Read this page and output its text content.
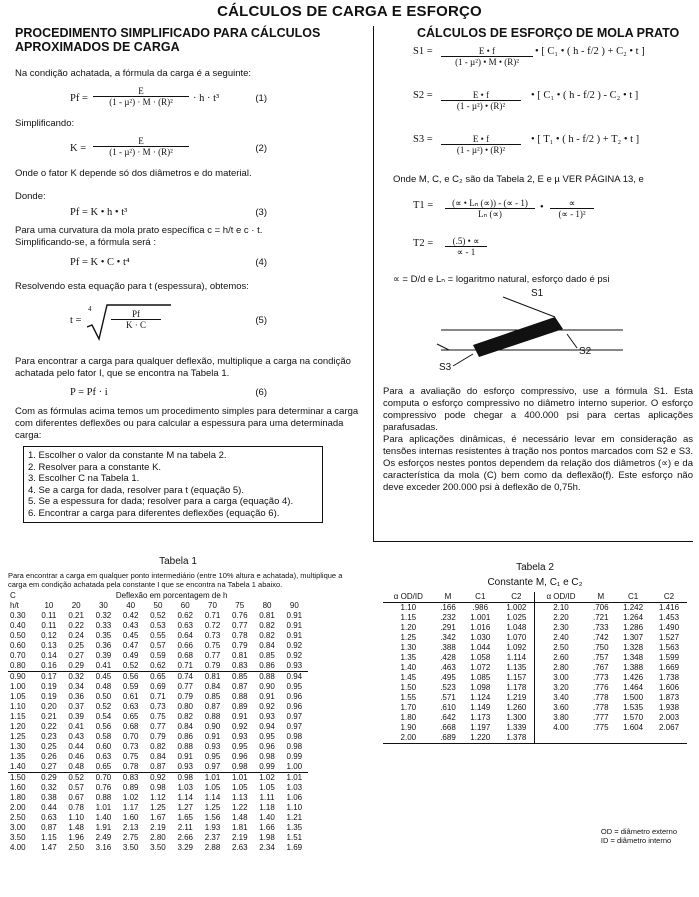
CÁLCULOS DE CARGA E ESFORÇO
PROCEDIMENTO SIMPLIFICADO PARA CÁLCULOS APROXIMADOS DE CARGA

Na condição achatada, a fórmula da carga é a seguinte:

Pf =
E
(1 - µ²) · M · (R)²	· h · t³	(1)

Simplificando:

K =
E
(1 - µ²) · M · (R)²	(2)

Onde o fator K depende só dos diâmetros e do material.

Donde:

Pf = K • h • t³	(3)

Para uma curvatura da mola prato específica c = h/t e c · t.

Simplificando-se, a fórmula será :

Pf = K • C • t⁴	(4)

Resolvendo esta equação para t (espessura), obtemos:

t =
$4 \frac{Pf}{K \cdot C}$	(5)

Para encontrar a carga para qualquer deflexão, multiplique a carga na condição achatada pelo fator I, que se encontra na Tabela 1.

P = Pf · i	(6)

Com as fórmulas acima temos um procedimento simples para determinar a carga com diferentes deflexões ou para calcular a espessura para uma determinada carga:

1. Escolher o valor da constante M na tabela 2.
2. Resolver para a constante K.
3. Escolher C na Tabela 1.
4. Se a carga for dada, resolver para t (equação 5).
5. Se a espessura for dada; resolver para a carga (equação 4).
6. Encontrar a carga para diferentes deflexões (equação 6).
Tabela 1
Para encontrar a carga em qualquer ponto intermediário (entre 10% altura e achatada), multiplique a carga em condição achatada pela constante I que se encontra na Tabela 1 abaixo.
C	Deflexão em porcentagem de h									
h/t	10	20	30	40	50	60	70	75	80	90
0.30	0.11	0.21	0.32	0.42	0.52	0.62	0.71	0.76	0.81	0.91
0.40	0.11	0.22	0.33	0.43	0.53	0.63	0.72	0.77	0.82	0.91
0.50	0.12	0.24	0.35	0.45	0.55	0.64	0.73	0.78	0.82	0.91
0.60	0.13	0.25	0.36	0.47	0.57	0.66	0.75	0.79	0.84	0.92
0.70	0.14	0.27	0.39	0.49	0.59	0.68	0.77	0.81	0.85	0.92
0.80	0.16	0.29	0.41	0.52	0.62	0.71	0.79	0.83	0.86	0.93
0.90	0.17	0.32	0.45	0.56	0.65	0.74	0.81	0.85	0.88	0.94
1.00	0.19	0.34	0.48	0.59	0.69	0.77	0.84	0.87	0.90	0.95
1.05	0.19	0.36	0.50	0.61	0.71	0.79	0.85	0.88	0.91	0.96
1.10	0.20	0.37	0.52	0.63	0.73	0.80	0.87	0.89	0.92	0.96
1.15	0.21	0.39	0.54	0.65	0.75	0.82	0.88	0.91	0.93	0.97
1.20	0.22	0.41	0.56	0.68	0.77	0.84	0.90	0.92	0.94	0.97
1.25	0.23	0.43	0.58	0.70	0.79	0.86	0.91	0.93	0.95	0.98
1.30	0.25	0.44	0.60	0.73	0.82	0.88	0.93	0.95	0.96	0.98
1.35	0.26	0.46	0.63	0.75	0.84	0.91	0.95	0.96	0.98	0.99
1.40	0.27	0.48	0.65	0.78	0.87	0.93	0.97	0.98	0.99	1.00
1.50	0.29	0.52	0.70	0.83	0.92	0.98	1.01	1.01	1.02	1.01
1.60	0.32	0.57	0.76	0.89	0.98	1.03	1.05	1.05	1.05	1.03
1.80	0.38	0.67	0.88	1.02	1.12	1.14	1.14	1.13	1.11	1.06
2.00	0.44	0.78	1.01	1.17	1.25	1.27	1.25	1.22	1.18	1.10
2.50	0.63	1.10	1.40	1.60	1.67	1.65	1.56	1.48	1.40	1.21
3.00	0.87	1.48	1.91	2.13	2.19	2.11	1.93	1.81	1.66	1.35
3.50	1.15	1.96	2.49	2.75	2.80	2.66	2.37	2.19	1.98	1.51
4.00	1.47	2.50	3.16	3.50	3.50	3.29	2.88	2.63	2.34	1.69
CÁLCULOS DE ESFORÇO DE MOLA PRATO
S1 =	E • f
(1 - µ²) • M • (R)²
• [ C₁ • ( h - f/2 ) + C₂ • t ]
S2 =	E • f
(1 - µ²) • (R)²
• [ C₁ • ( h - f/2 ) - C₂ • t ]
S3 =	E • f
(1 - µ²) • (R)²
• [ T₁ • ( h - f/2 ) + T₂ • t ]

Onde M, C, e C₂ são da Tabela 2, E e µ VER PÁGINA 13, e

$T1 = \frac{\text{(∝ • Lₙ (∝)) - (∝ - 1)}}{\text{Lₙ (∝)}}$ •	∝
(∝ - 1)²
$T2 = \frac{(.5) • \propto}{\propto - 1}$

∝ = D/d e Lₙ = logaritmo natural, esforço dado é psi

S1
S2
S3

Para a avaliação do esforço compressivo, use a fórmula S1. Esta computa o esforço compressivo no diâmetro interno superior. O esforço compressivo pode chegar a 400.000 psi para certas aplicações parafusadas.

Para aplicações dinâmicas, é necessário levar em consideração as tensões internas resistentes à tração nos pontos marcados com S2 e S3. Os esforços nestes pontos dependem da relação dos diâmetros (∝) e da característica da mola (C) bem como da deflexão(f). Este esforço não deve exceder 200.000 psi à deflexão de 0,75h.

Tabela 2
Constante M, C₁ e C₂
α OD/ID	M	C1	C2	α OD/ID	M	C1	C2
1.10	.166	.986	1.002	2.10	.706	1.242	1.416
1.15	.232	1.001	1.025	2.20	.721	1.264	1.453
1.20	.291	1.016	1.048	2.30	.733	1.286	1.490
1.25	.342	1.030	1.070	2.40	.742	1.307	1.527
1.30	.388	1.044	1.092	2.50	.750	1.328	1.563
1.35	.428	1.058	1.114	2.60	.757	1.348	1.599
1.40	.463	1.072	1.135	2.80	.767	1.388	1.669
1.45	.495	1.085	1.157	3.00	.773	1.426	1.738
1.50	.523	1.098	1.178	3.20	.776	1.464	1.606
1.55	.571	1.124	1.219	3.40	.778	1.500	1.873
1.70	.610	1.149	1.260	3.60	.778	1.535	1.938
1.80	.642	1.173	1.300	3.80	.777	1.570	2.003
1.90	.668	1.197	1.339	4.00	.775	1.604	2.067
2.00	.689	1.220	1.378				
OD = diâmetro externo
ID = diâmetro interno
